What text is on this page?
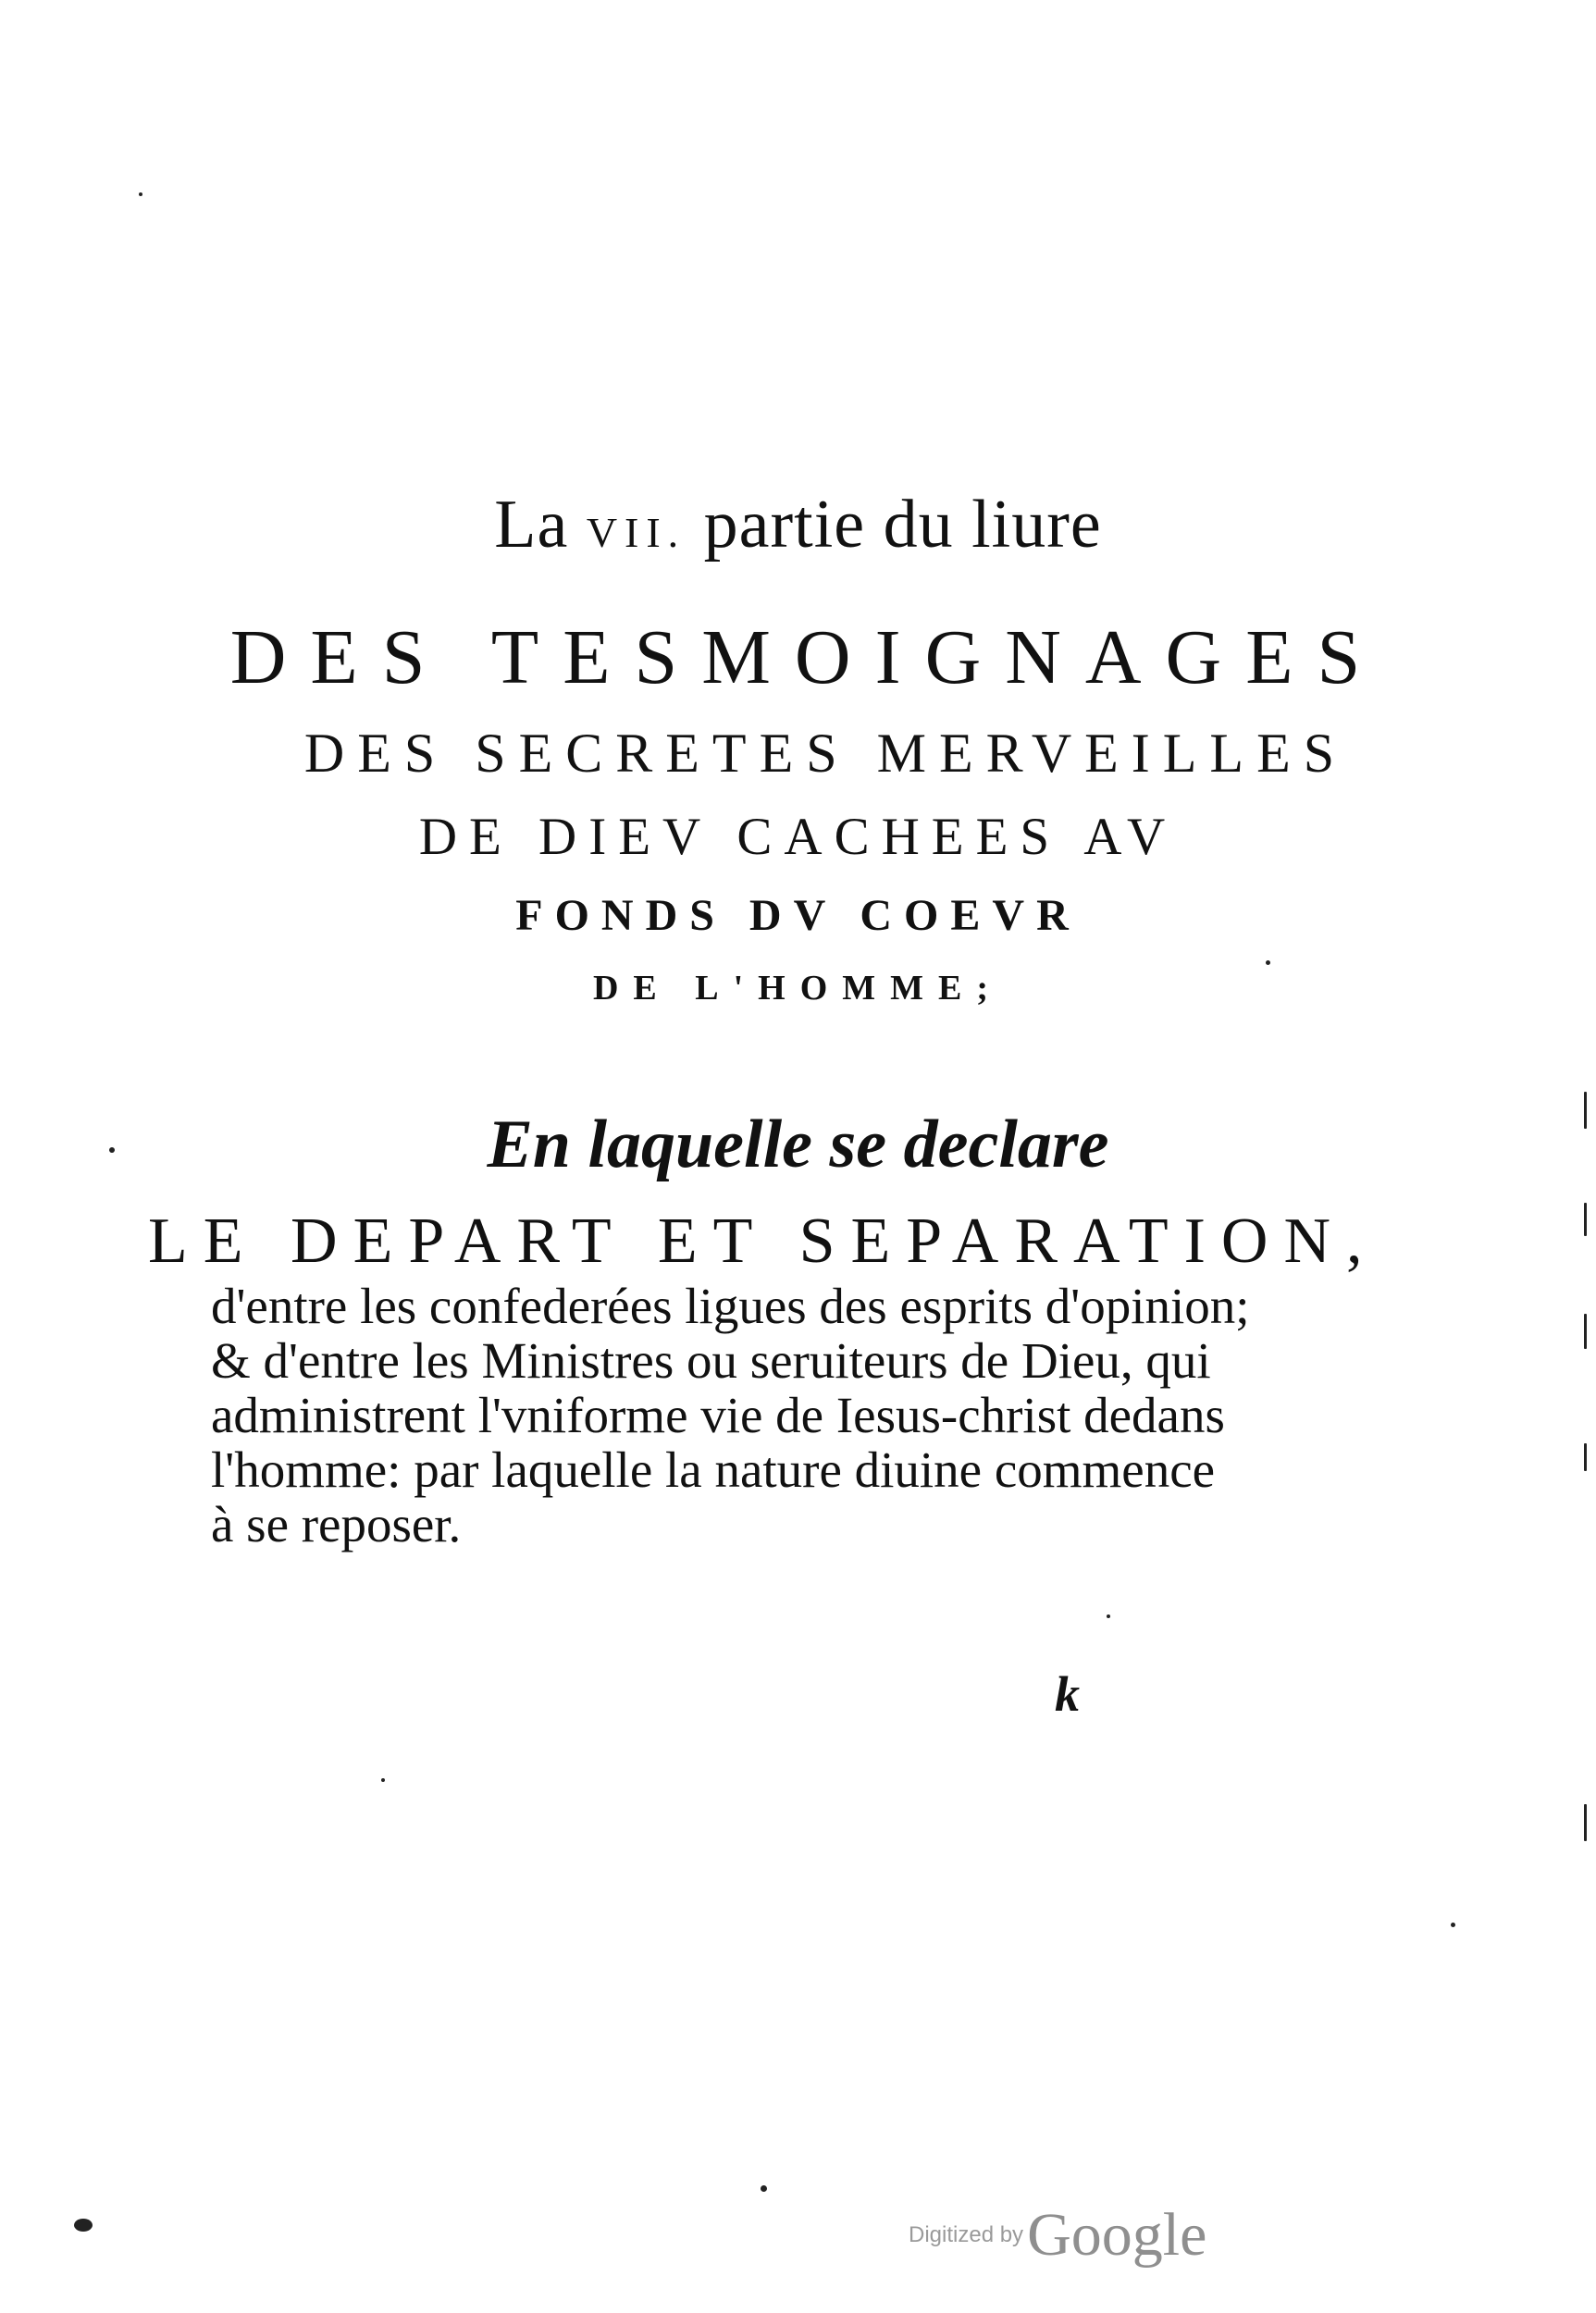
La VII. partie du liure
DES TESMOIGNAGES
DES SECRETES MERVEILLES
DE DIEV CACHEES AV
FONDS DV COEVR
DE L'HOMME;
En laquelle se declare
LE DEPART ET SEPARATION,
d'entre les confederées ligues des esprits d'opinion;
& d'entre les Ministres ou seruiteurs de Dieu, qui
administrent l'vniforme vie de Iesus-christ dedans
l'homme: par laquelle la nature diuine commence
à se reposer.
k
Digitized by Google
